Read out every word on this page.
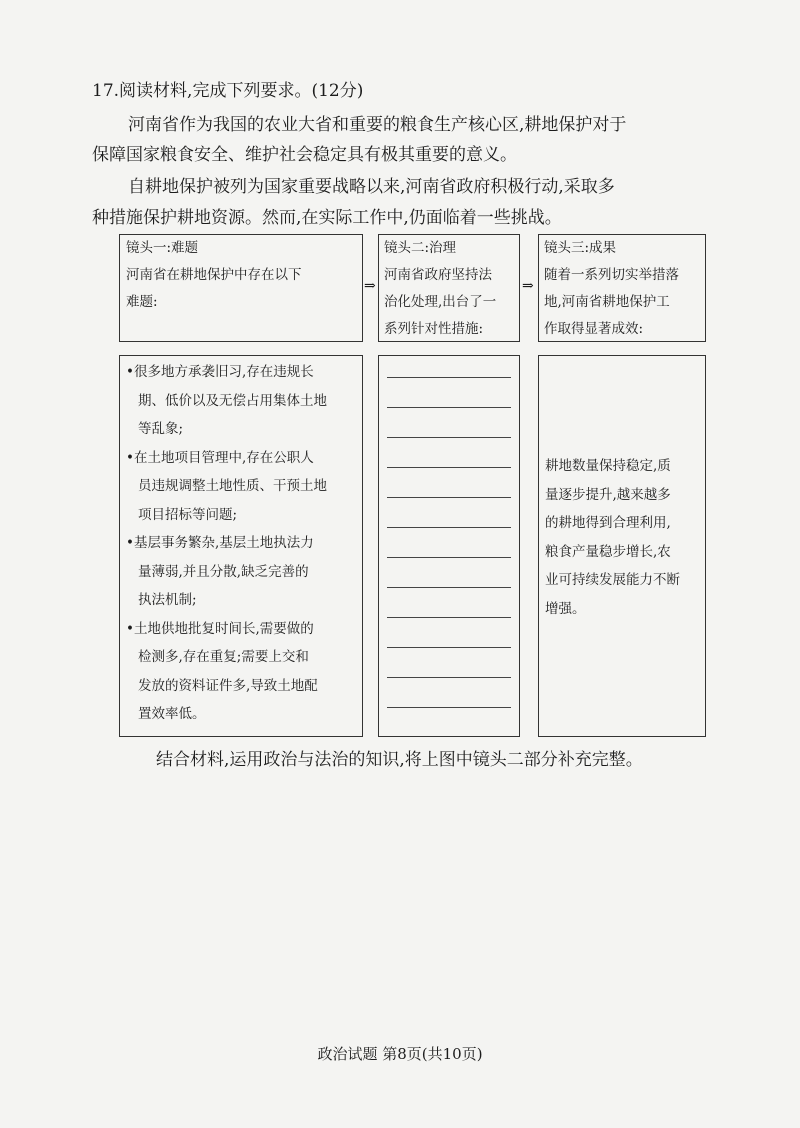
17.阅读材料,完成下列要求。(12分)
河南省作为我国的农业大省和重要的粮食生产核心区,耕地保护对于
保障国家粮食安全、维护社会稳定具有极其重要的意义。
自耕地保护被列为国家重要战略以来,河南省政府积极行动,采取多
种措施保护耕地资源。然而,在实际工作中,仍面临着一些挑战。
镜头一:难题
河南省在耕地保护中存在以下
难题:
⇒
镜头二:治理
河南省政府坚持法
治化处理,出台了一
系列针对性措施:
⇒
镜头三:成果
随着一系列切实举措落
地,河南省耕地保护工
作取得显著成效:
•很多地方承袭旧习,存在违规长
期、低价以及无偿占用集体土地
等乱象;
•在土地项目管理中,存在公职人
员违规调整土地性质、干预土地
项目招标等问题;
•基层事务繁杂,基层土地执法力
量薄弱,并且分散,缺乏完善的
执法机制;
•土地供地批复时间长,需要做的
检测多,存在重复;需要上交和
发放的资料证件多,导致土地配
置效率低。
耕地数量保持稳定,质
量逐步提升,越来越多
的耕地得到合理利用,
粮食产量稳步增长,农
业可持续发展能力不断
增强。
结合材料,运用政治与法治的知识,将上图中镜头二部分补充完整。
政治试题 第8页(共10页)
